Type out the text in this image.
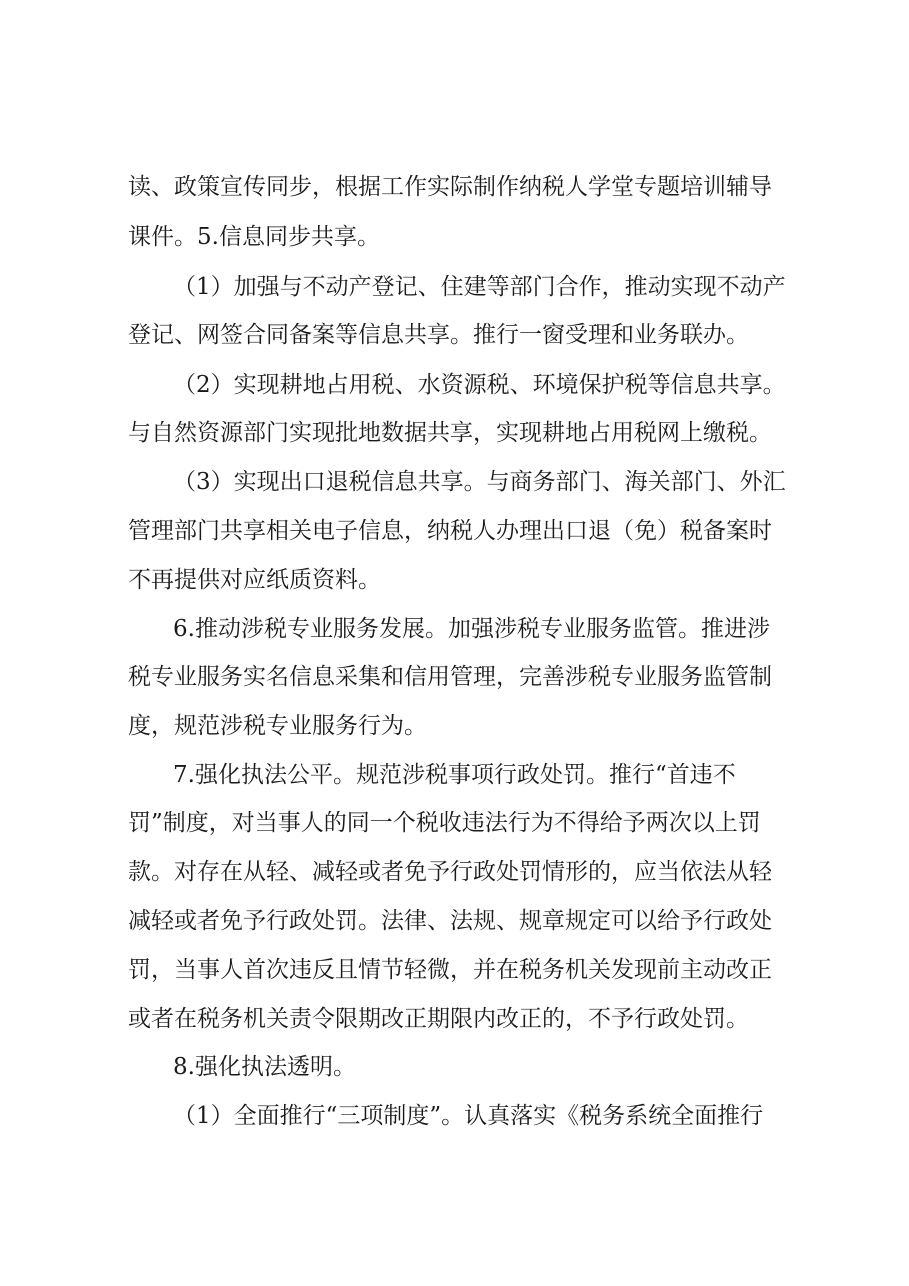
读、政策宣传同步，根据工作实际制作纳税人学堂专题培训辅导
课件。5.信息同步共享。
（1）加强与不动产登记、住建等部门合作，推动实现不动产
登记、网签合同备案等信息共享。推行一窗受理和业务联办。
（2）实现耕地占用税、水资源税、环境保护税等信息共享。
与自然资源部门实现批地数据共享，实现耕地占用税网上缴税。
（3）实现出口退税信息共享。与商务部门、海关部门、外汇
管理部门共享相关电子信息，纳税人办理出口退（免）税备案时
不再提供对应纸质资料。
6.推动涉税专业服务发展。加强涉税专业服务监管。推进涉
税专业服务实名信息采集和信用管理，完善涉税专业服务监管制
度，规范涉税专业服务行为。
7.强化执法公平。规范涉税事项行政处罚。推行“首违不
罚”制度，对当事人的同一个税收违法行为不得给予两次以上罚
款。对存在从轻、减轻或者免予行政处罚情形的，应当依法从轻
减轻或者免予行政处罚。法律、法规、规章规定可以给予行政处
罚，当事人首次违反且情节轻微，并在税务机关发现前主动改正
或者在税务机关责令限期改正期限内改正的，不予行政处罚。
8.强化执法透明。
（1）全面推行“三项制度”。认真落实《税务系统全面推行
